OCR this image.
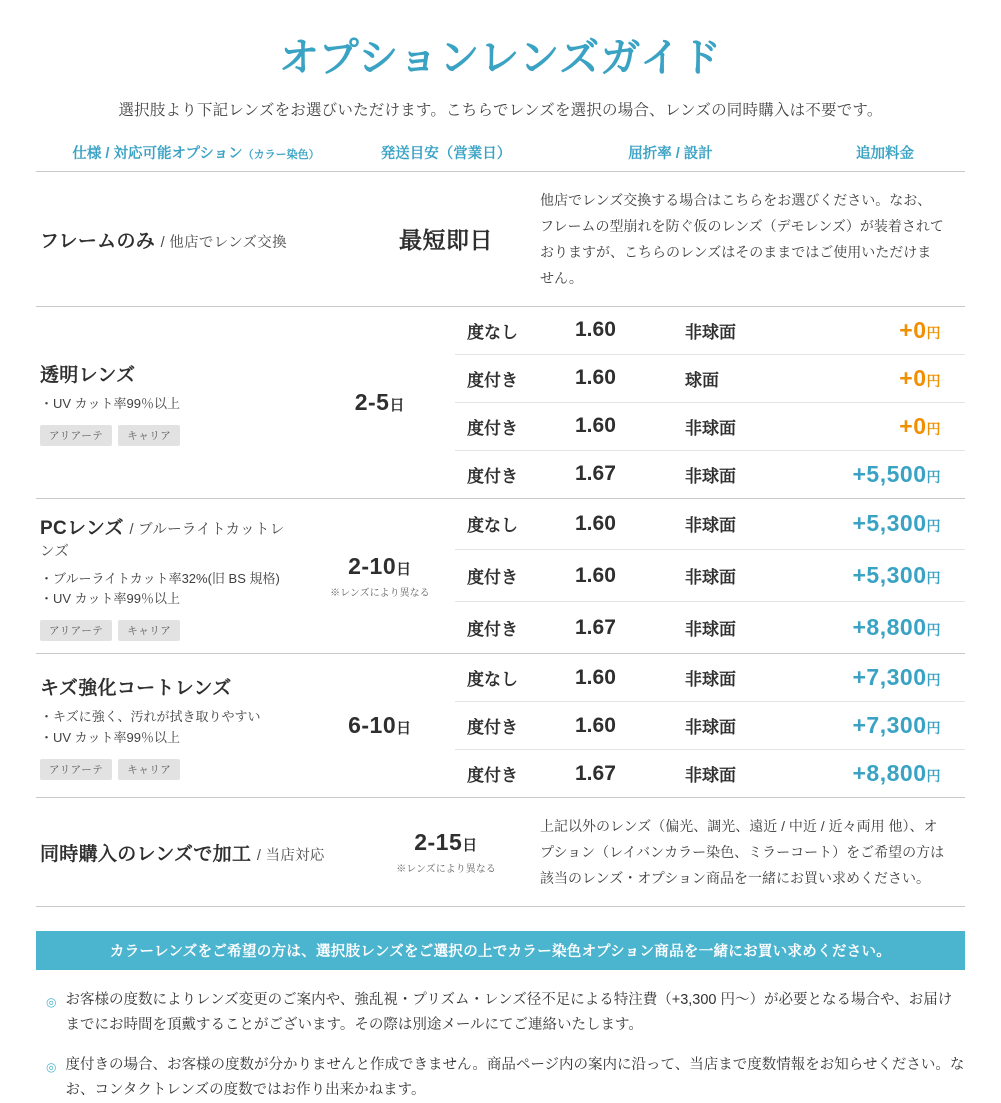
オプションレンズガイド
選択肢より下記レンズをお選びいただけます。こちらでレンズを選択の場合、レンズの同時購入は不要です。
仕様 / 対応可能オプション（カラー染色）	発送目安（営業日）	屈折率 / 設計	追加料金
フレームのみ / 他店でレンズ交換	最短即日
他店でレンズ交換する場合はこちらをお選びください。なお、フレームの型崩れを防ぐ仮のレンズ（デモレンズ）が装着されておりますが、こちらのレンズはそのままではご使用いただけません。
透明レンズ
・UV カット率99％以上
アリアーテ	キャリア
2-5日
度なし	1.60	非球面	+0円
度付き	1.60	球面	+0円
度付き	1.60	非球面	+0円
度付き	1.67	非球面	+5,500円
PCレンズ / ブルーライトカットレンズ
・ブルーライトカット率32%(旧 BS 規格)
・UV カット率99％以上
アリアーテ	キャリア
2-10日
※レンズにより異なる
度なし	1.60	非球面	+5,300円
度付き	1.60	非球面	+5,300円
度付き	1.67	非球面	+8,800円
キズ強化コートレンズ
・キズに強く、汚れが拭き取りやすい
・UV カット率99％以上
アリアーテ	キャリア
6-10日
度なし	1.60	非球面	+7,300円
度付き	1.60	非球面	+7,300円
度付き	1.67	非球面	+8,800円
同時購入のレンズで加工 / 当店対応
2-15日
※レンズにより異なる
上記以外のレンズ（偏光、調光、遠近 / 中近 / 近々両用 他）、オプション（レイバンカラー染色、ミラーコート）をご希望の方は該当のレンズ・オプション商品を一緒にお買い求めください。
カラーレンズをご希望の方は、選択肢レンズをご選択の上でカラー染色オプション商品を一緒にお買い求めください。
◎ お客様の度数によりレンズ変更のご案内や、強乱視・プリズム・レンズ径不足による特注費（+3,300 円～）が必要となる場合や、お届けまでにお時間を頂戴することがございます。その際は別途メールにてご連絡いたします。
◎ 度付きの場合、お客様の度数が分かりませんと作成できません。商品ページ内の案内に沿って、当店まで度数情報をお知らせください。なお、コンタクトレンズの度数ではお作り出来かねます。
